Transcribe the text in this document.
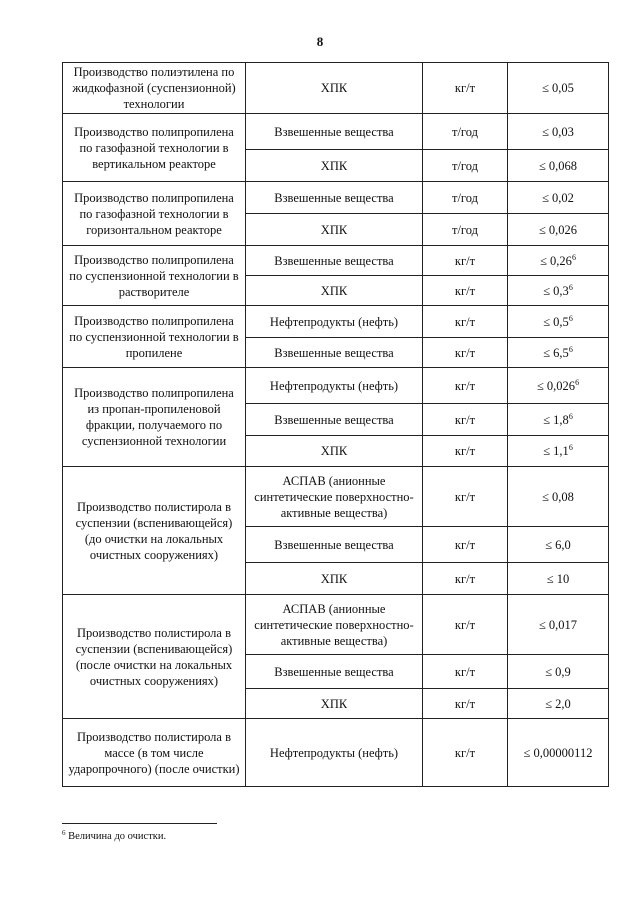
8
Производство полиэтилена по жидкофазной (суспензионной) технологии	ХПК	кг/т	≤ 0,05
Производство полипропилена по газофазной технологии в вертикальном реакторе	Взвешенные вещества	т/год	≤ 0,03
	ХПК	т/год	≤ 0,068
Производство полипропилена по газофазной технологии в горизонтальном реакторе	Взвешенные вещества	т/год	≤ 0,02
	ХПК	т/год	≤ 0,026
Производство полипропилена по суспензионной технологии в растворителе	Взвешенные вещества	кг/т	≤ $0,26^6$
	ХПК	кг/т	≤ $0,3^6$
Производство полипропилена по суспензионной технологии в пропилене	Нефтепродукты (нефть)	кг/т	≤ $0,5^6$
	Взвешенные вещества	кг/т	≤ $6,5^6$
Производство полипропилена из пропан-пропиленовой фракции, получаемого по суспензионной технологии	Нефтепродукты (нефть)	кг/т	≤ $0,026^6$
	Взвешенные вещества	кг/т	≤ $1,8^6$
	ХПК	кг/т	≤ $1,1^6$
Производство полистирола в суспензии (вспенивающейся) (до очистки на локальных очистных сооружениях)	АСПАВ (анионные синтетические поверхностно-активные вещества)	кг/т	≤ 0,08
	Взвешенные вещества	кг/т	≤ 6,0
	ХПК	кг/т	≤ 10
Производство полистирола в суспензии (вспенивающейся) (после очистки на локальных очистных сооружениях)	АСПАВ (анионные синтетические поверхностно-активные вещества)	кг/т	≤ 0,017
	Взвешенные вещества	кг/т	≤ 0,9
	ХПК	кг/т	≤ 2,0
Производство полистирола в массе (в том числе ударопрочного) (после очистки)	Нефтепродукты (нефть)	кг/т	≤ 0,00000112
$^6$ Величина до очистки.
